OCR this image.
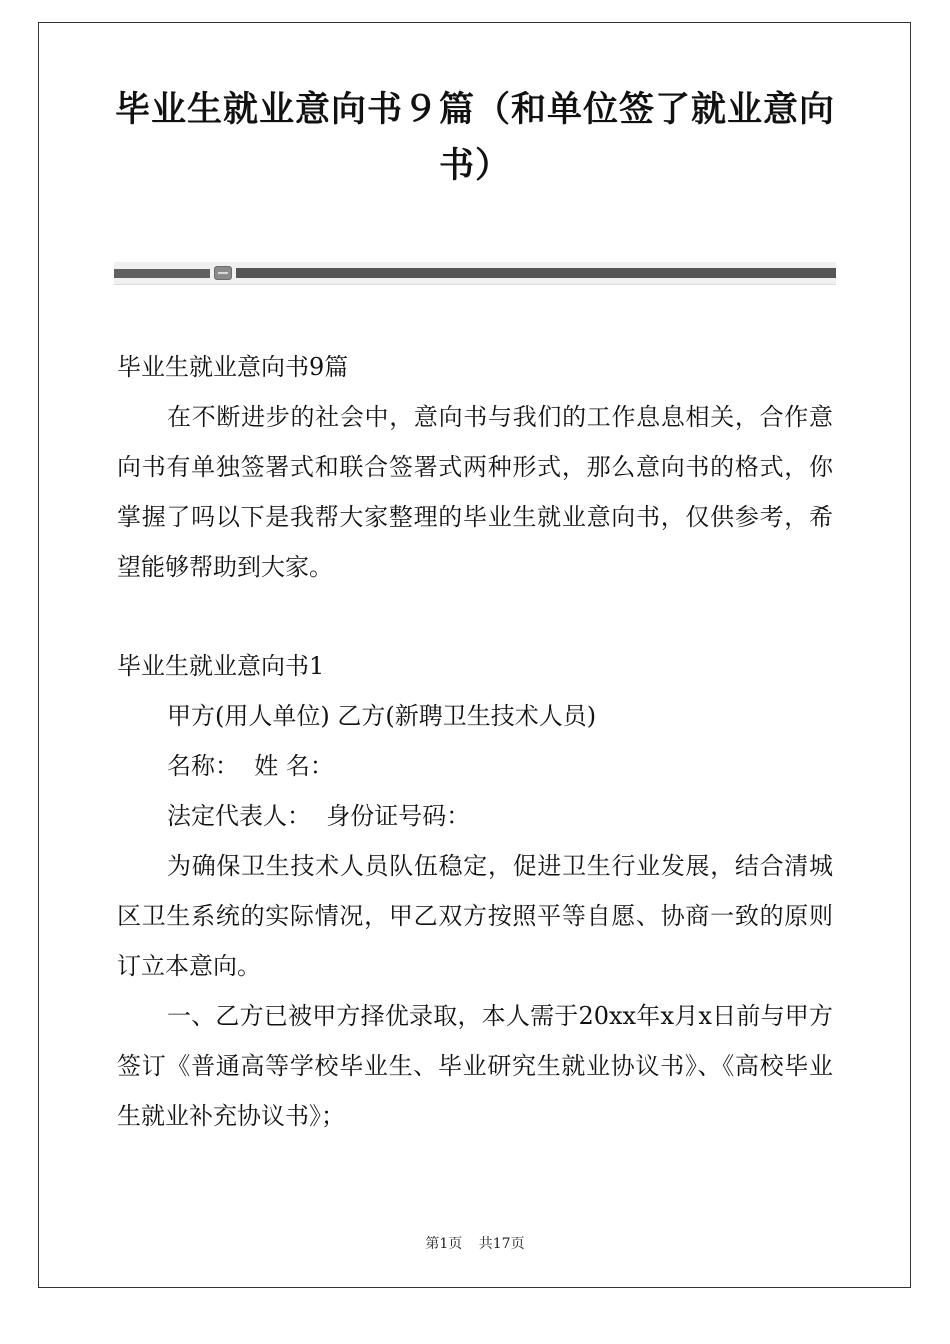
毕业生就业意向书９篇（和单位签了就业意向书）
毕业生就业意向书9篇
在不断进步的社会中，意向书与我们的工作息息相关，合作意向书有单独签署式和联合签署式两种形式，那么意向书的格式，你掌握了吗以下是我帮大家整理的毕业生就业意向书，仅供参考，希望能够帮助到大家。
毕业生就业意向书1
甲方(用人单位) 乙方(新聘卫生技术人员)
名称：  姓 名：
法定代表人：  身份证号码：
为确保卫生技术人员队伍稳定，促进卫生行业发展，结合清城区卫生系统的实际情况，甲乙双方按照平等自愿、协商一致的原则订立本意向。
一、乙方已被甲方择优录取，本人需于20xx年x月x日前与甲方签订《普通高等学校毕业生、毕业研究生就业协议书》、《高校毕业生就业补充协议书》；
第1页 共17页
